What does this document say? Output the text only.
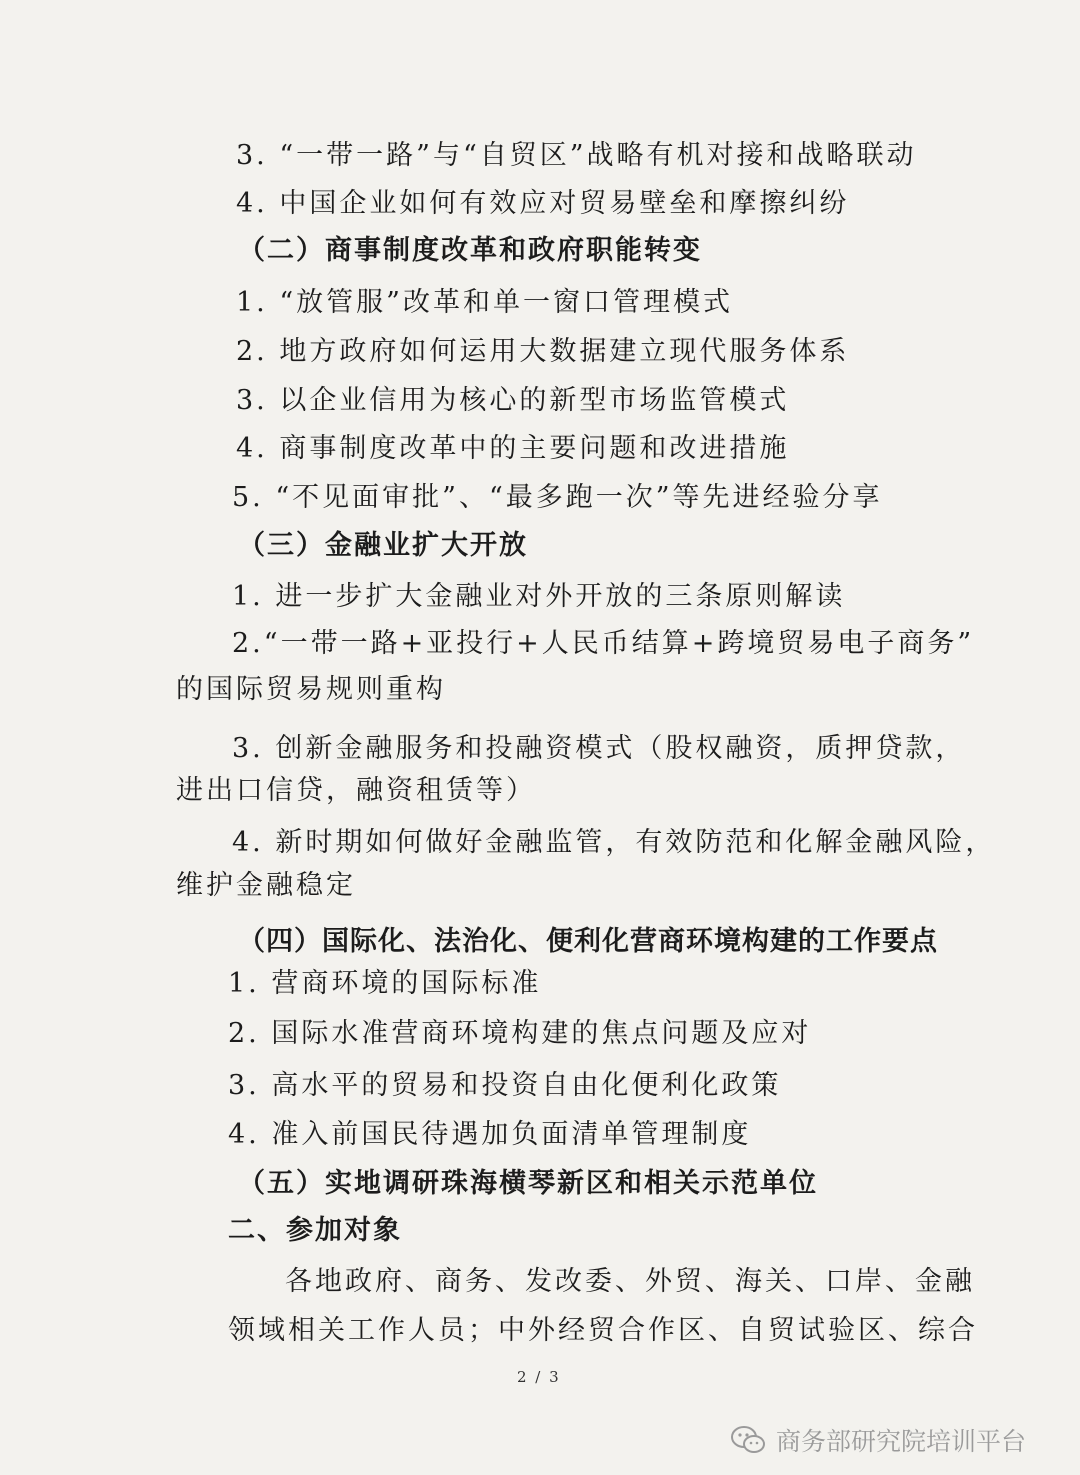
3. “一带一路”与“自贸区”战略有机对接和战略联动
4. 中国企业如何有效应对贸易壁垒和摩擦纠纷
（二）商事制度改革和政府职能转变
1. “放管服”改革和单一窗口管理模式
2. 地方政府如何运用大数据建立现代服务体系
3. 以企业信用为核心的新型市场监管模式
4. 商事制度改革中的主要问题和改进措施
5. “不见面审批”、“最多跑一次”等先进经验分享
（三）金融业扩大开放
1. 进一步扩大金融业对外开放的三条原则解读
2.“一带一路+亚投行+人民币结算+跨境贸易电子商务”
的国际贸易规则重构
3. 创新金融服务和投融资模式（股权融资，质押贷款，
进出口信贷，融资租赁等）
4. 新时期如何做好金融监管，有效防范和化解金融风险，
维护金融稳定
（四）国际化、法治化、便利化营商环境构建的工作要点
1. 营商环境的国际标准
2. 国际水准营商环境构建的焦点问题及应对
3. 高水平的贸易和投资自由化便利化政策
4. 准入前国民待遇加负面清单管理制度
（五）实地调研珠海横琴新区和相关示范单位
二、参加对象
各地政府、商务、发改委、外贸、海关、口岸、金融
领域相关工作人员；中外经贸合作区、自贸试验区、综合
2 / 3
商务部研究院培训平台
